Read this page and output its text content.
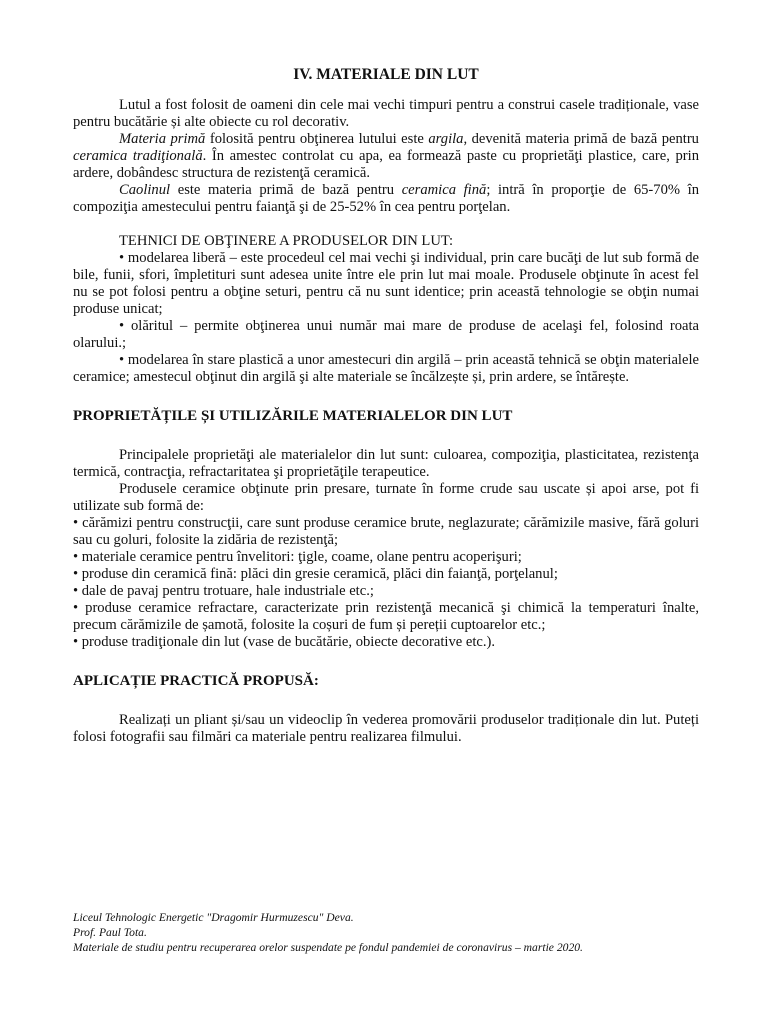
IV. MATERIALE DIN LUT

Lutul a fost folosit de oameni din cele mai vechi timpuri pentru a construi casele tradiționale, vase pentru bucătărie și alte obiecte cu rol decorativ.

Materia primă folosită pentru obţinerea lutului este argila, devenită materia primă de bază pentru ceramica tradiţională. În amestec controlat cu apa, ea formează paste cu proprietăţi plastice, care, prin ardere, dobândesc structura de rezistenţă ceramică.

Caolinul este materia primă de bază pentru ceramica fină; intră în proporţie de 65-70% în compoziţia amestecului pentru faianţă şi de 25-52% în cea pentru porţelan.

TEHNICI DE OBŢINERE A PRODUSELOR DIN LUT:

• modelarea liberă – este procedeul cel mai vechi şi individual, prin care bucăţi de lut sub formă de bile, funii, sfori, împletituri sunt adesea unite între ele prin lut mai moale. Produsele obţinute în acest fel nu se pot folosi pentru a obţine seturi, pentru că nu sunt identice; prin această tehnologie se obţin numai produse unicat;

• olăritul – permite obţinerea unui număr mai mare de produse de acelaşi fel, folosind roata olarului.;

• modelarea în stare plastică a unor amestecuri din argilă – prin această tehnică se obţin materialele ceramice; amestecul obţinut din argilă şi alte materiale se încălzește și, prin ardere, se întărește.

PROPRIETĂȚILE ȘI UTILIZĂRILE MATERIALELOR DIN LUT

Principalele proprietăţi ale materialelor din lut sunt: culoarea, compoziţia, plasticitatea, rezistenţa termică, contracţia, refractaritatea şi proprietăţile terapeutice.

Produsele ceramice obţinute prin presare, turnate în forme crude sau uscate și apoi arse, pot fi utilizate sub formă de:

• cărămizi pentru construcţii, care sunt produse ceramice brute, neglazurate; cărămizile masive, fără goluri sau cu goluri, folosite la zidăria de rezistenţă;

• materiale ceramice pentru învelitori: ţigle, coame, olane pentru acoperişuri;

• produse din ceramică fină: plăci din gresie ceramică, plăci din faianţă, porţelanul;

• dale de pavaj pentru trotuare, hale industriale etc.;

• produse ceramice refractare, caracterizate prin rezistenţă mecanică şi chimică la temperaturi înalte, precum cărămizile de șamotă, folosite la coșuri de fum și pereții cuptoarelor etc.;

• produse tradiţionale din lut (vase de bucătărie, obiecte decorative etc.).

APLICAȚIE PRACTICĂ PROPUSĂ:

Realizați un pliant și/sau un videoclip în vederea promovării produselor tradiționale din lut. Puteți folosi fotografii sau filmări ca materiale pentru realizarea filmului.

Liceul Tehnologic Energetic "Dragomir Hurmuzescu" Deva.
Prof. Paul Tota.
Materiale de studiu pentru recuperarea orelor suspendate pe fondul pandemiei de coronavirus – martie 2020.
